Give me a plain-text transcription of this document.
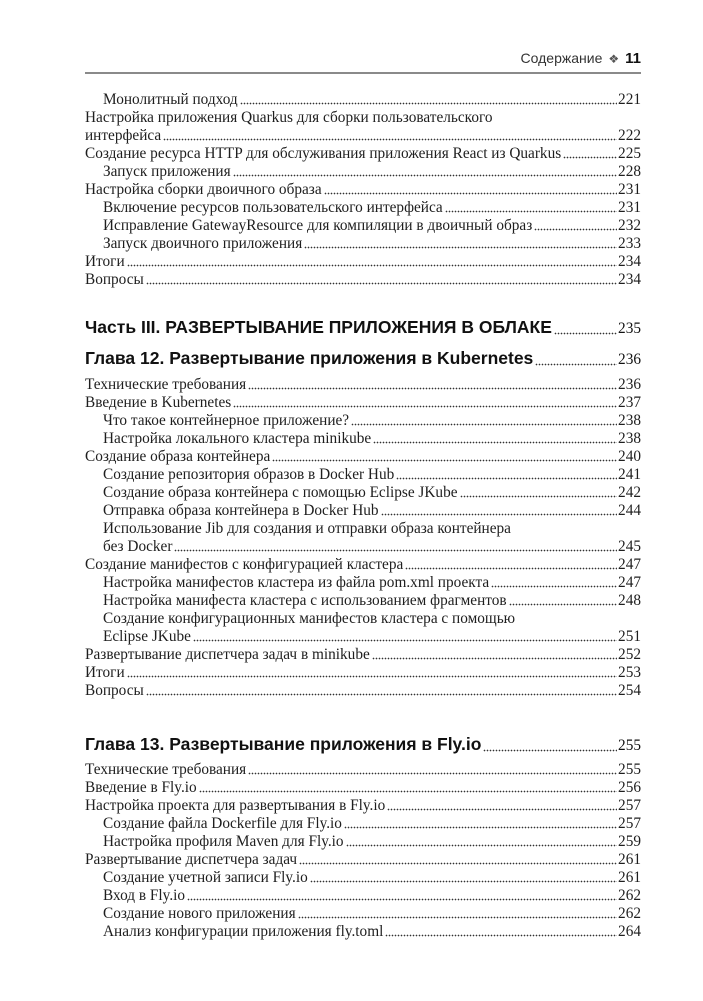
Содержание ❖ 11
Монолитный подход	221
Настройка приложения Quarkus для сборки пользовательского
интерфейса	222
Создание ресурса HTTP для обслуживания приложения React из Quarkus	225
Запуск приложения	228
Настройка сборки двоичного образа	231
Включение ресурсов пользовательского интерфейса	231
Исправление GatewayResource для компиляции в двоичный образ	232
Запуск двоичного приложения	233
Итоги	234
Вопросы	234
Часть III. РАЗВЕРТЫВАНИЕ ПРИЛОЖЕНИЯ В ОБЛАКЕ	235
Глава 12. Развертывание приложения в Kubernetes	236
Технические требования	236
Введение в Kubernetes	237
Что такое контейнерное приложение?	238
Настройка локального кластера minikube	238
Создание образа контейнера	240
Создание репозитория образов в Docker Hub	241
Создание образа контейнера с помощью Eclipse JKube	242
Отправка образа контейнера в Docker Hub	244
Использование Jib для создания и отправки образа контейнера
без Docker	245
Создание манифестов с конфигурацией кластера	247
Настройка манифестов кластера из файла pom.xml проекта	247
Настройка манифеста кластера с использованием фрагментов	248
Создание конфигурационных манифестов кластера с помощью
Eclipse JKube	251
Развертывание диспетчера задач в minikube	252
Итоги	253
Вопросы	254
Глава 13. Развертывание приложения в Fly.io	255
Технические требования	255
Введение в Fly.io	256
Настройка проекта для развертывания в Fly.io	257
Создание файла Dockerfile для Fly.io	257
Настройка профиля Maven для Fly.io	259
Развертывание диспетчера задач	261
Создание учетной записи Fly.io	261
Вход в Fly.io	262
Создание нового приложения	262
Анализ конфигурации приложения fly.toml	264
